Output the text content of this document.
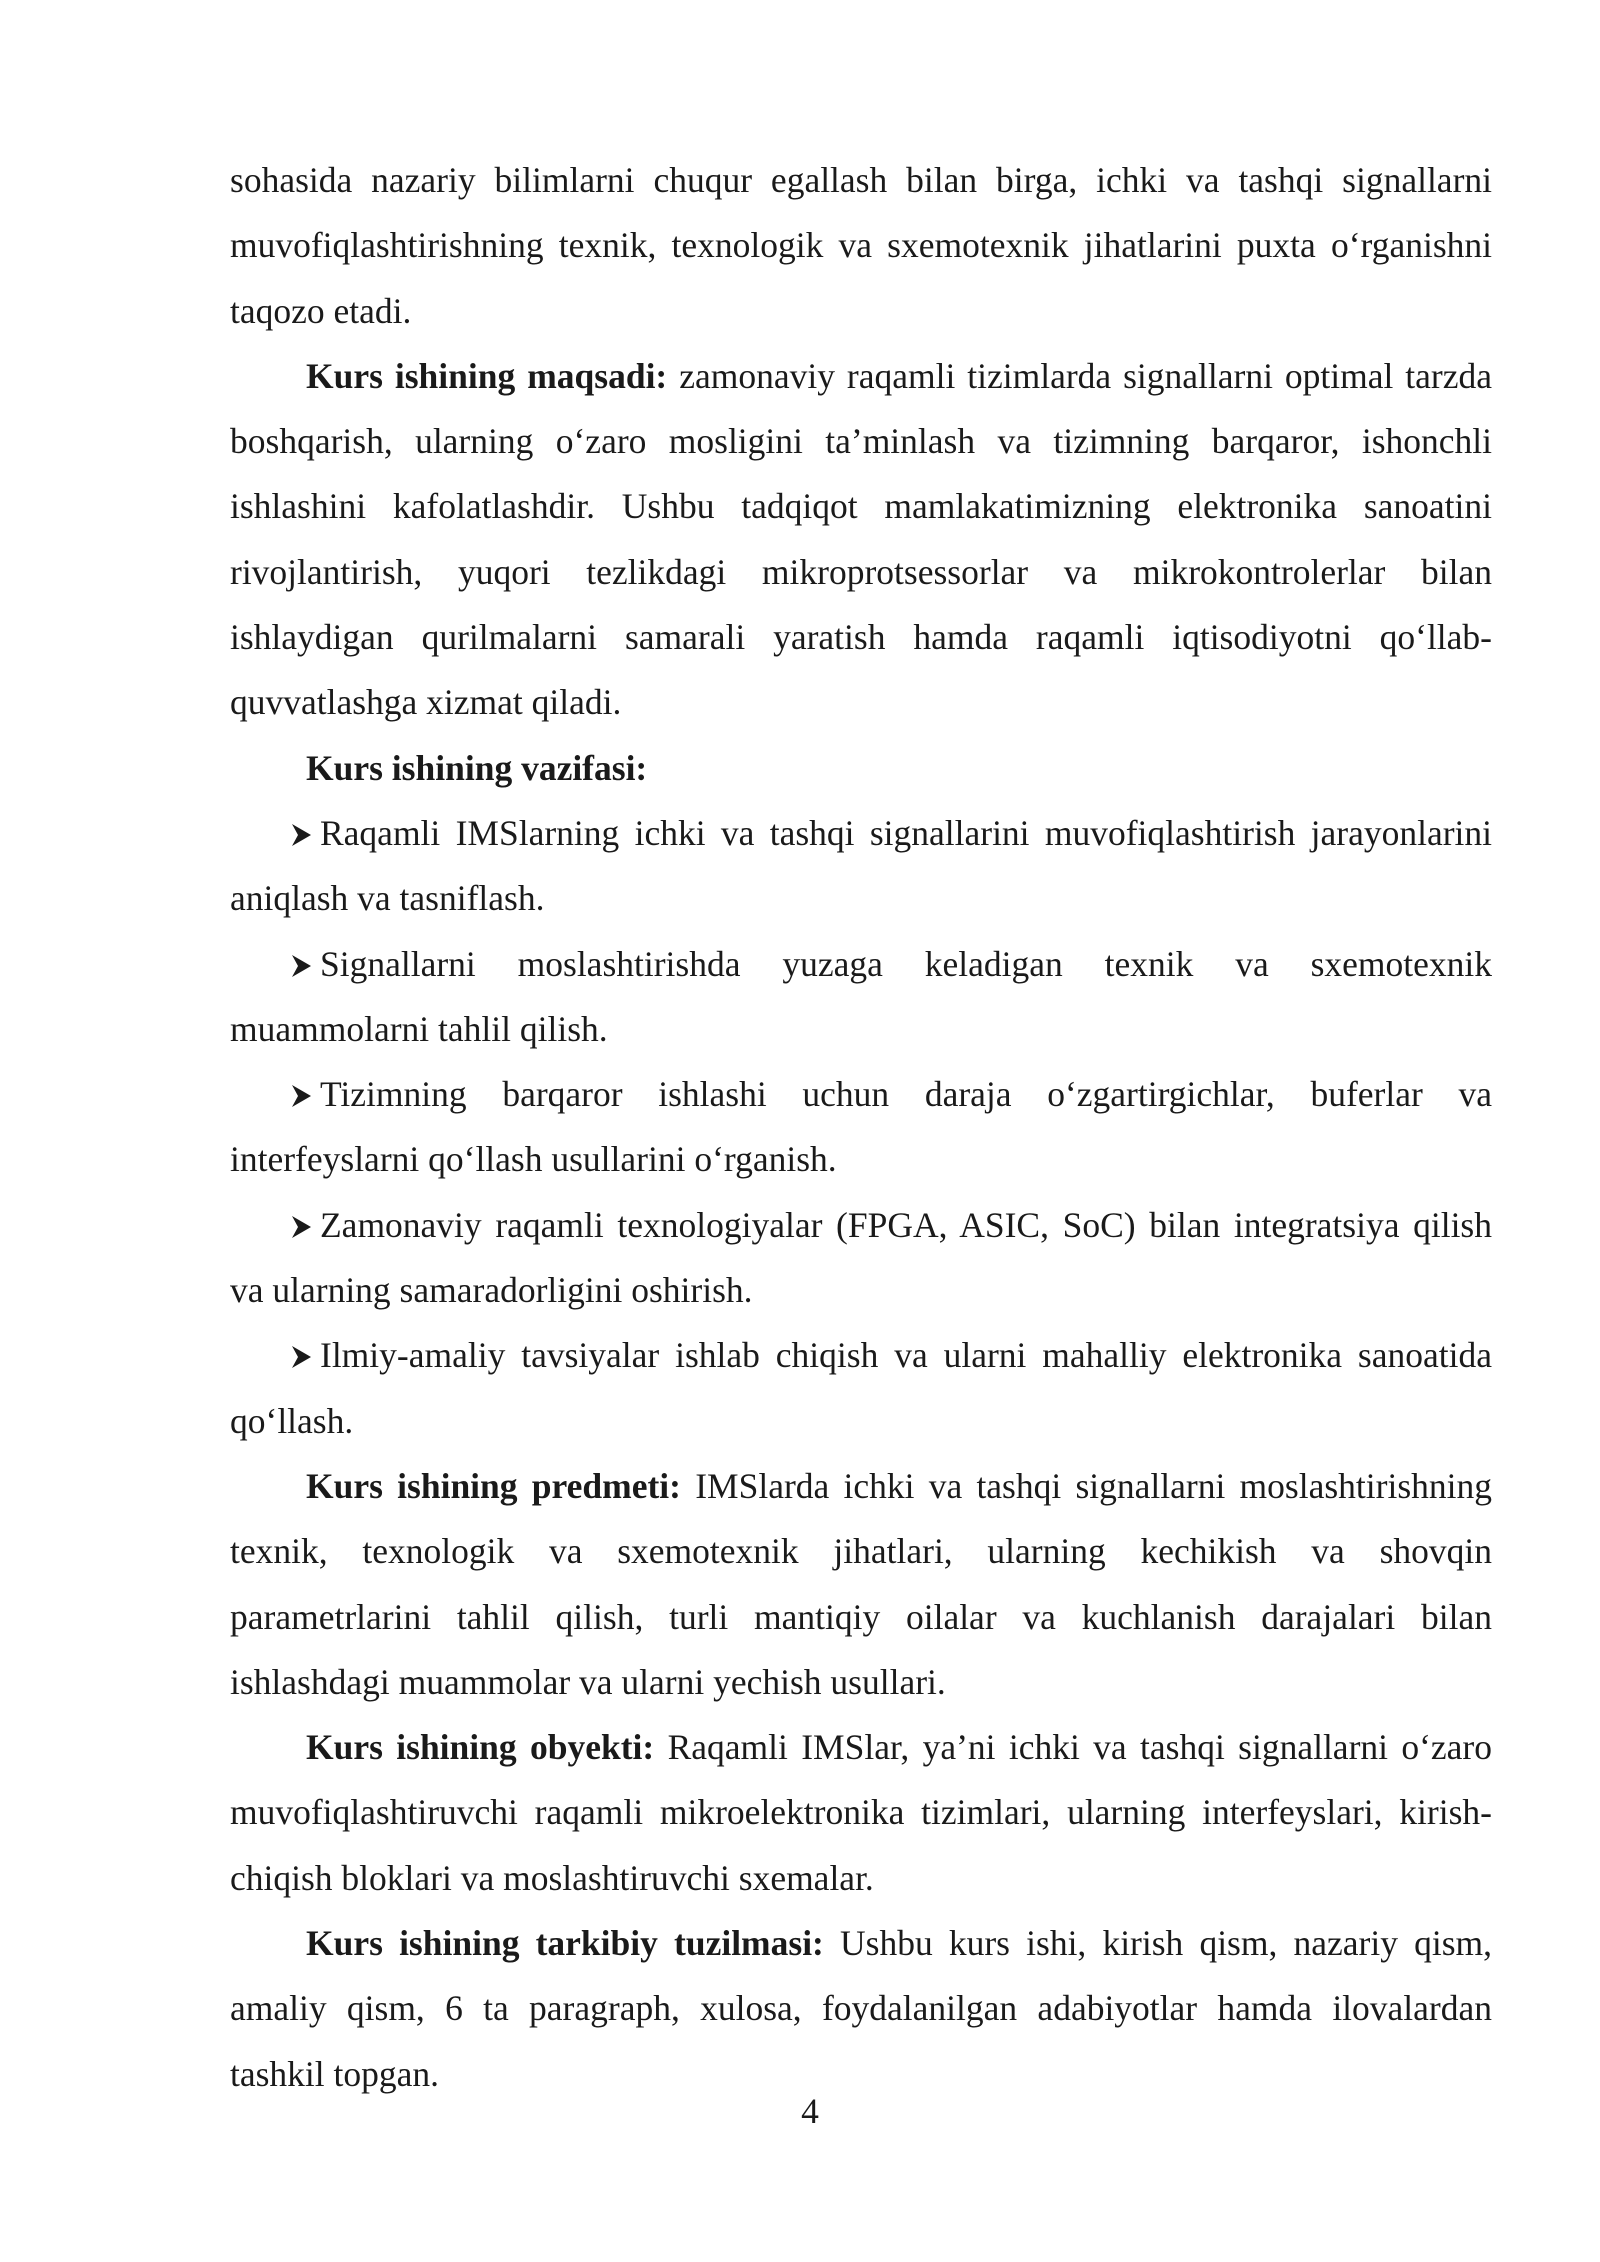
sohasida nazariy bilimlarni chuqur egallash bilan birga, ichki va tashqi signallarni muvofiqlashtirishning texnik, texnologik va sxemotexnik jihatlarini puxta o‘rganishni taqozo etadi.

Kurs ishining maqsadi: zamonaviy raqamli tizimlarda signallarni optimal tarzda boshqarish, ularning o‘zaro mosligini ta’minlash va tizimning barqaror, ishonchli ishlashini kafolatlashdir. Ushbu tadqiqot mamlakatimizning elektronika sanoatini rivojlantirish, yuqori tezlikdagi mikroprotsessorlar va mikrokontrolerlar bilan ishlaydigan qurilmalarni samarali yaratish hamda raqamli iqtisodiyotni qo‘llab-quvvatlashga xizmat qiladi.

Kurs ishining vazifasi:

Raqamli IMSlarning ichki va tashqi signallarini muvofiqlashtirish jarayonlarini aniqlash va tasniflash.

Signallarni moslashtirishda yuzaga keladigan texnik va sxemotexnik muammolarni tahlil qilish.

Tizimning barqaror ishlashi uchun daraja o‘zgartirgichlar, buferlar va interfeyslarni qo‘llash usullarini o‘rganish.

Zamonaviy raqamli texnologiyalar (FPGA, ASIC, SoC) bilan integratsiya qilish va ularning samaradorligini oshirish.

Ilmiy-amaliy tavsiyalar ishlab chiqish va ularni mahalliy elektronika sanoatida qo‘llash.

Kurs ishining predmeti: IMSlarda ichki va tashqi signallarni moslashtirishning texnik, texnologik va sxemotexnik jihatlari, ularning kechikish va shovqin parametrlarini tahlil qilish, turli mantiqiy oilalar va kuchlanish darajalari bilan ishlashdagi muammolar va ularni yechish usullari.

Kurs ishining obyekti: Raqamli IMSlar, ya’ni ichki va tashqi signallarni o‘zaro muvofiqlashtiruvchi raqamli mikroelektronika tizimlari, ularning interfeyslari, kirish-chiqish bloklari va moslashtiruvchi sxemalar.

Kurs ishining tarkibiy tuzilmasi: Ushbu kurs ishi, kirish qism, nazariy qism, amaliy qism, 6 ta paragraph, xulosa, foydalanilgan adabiyotlar hamda ilovalardan tashkil topgan.

4
